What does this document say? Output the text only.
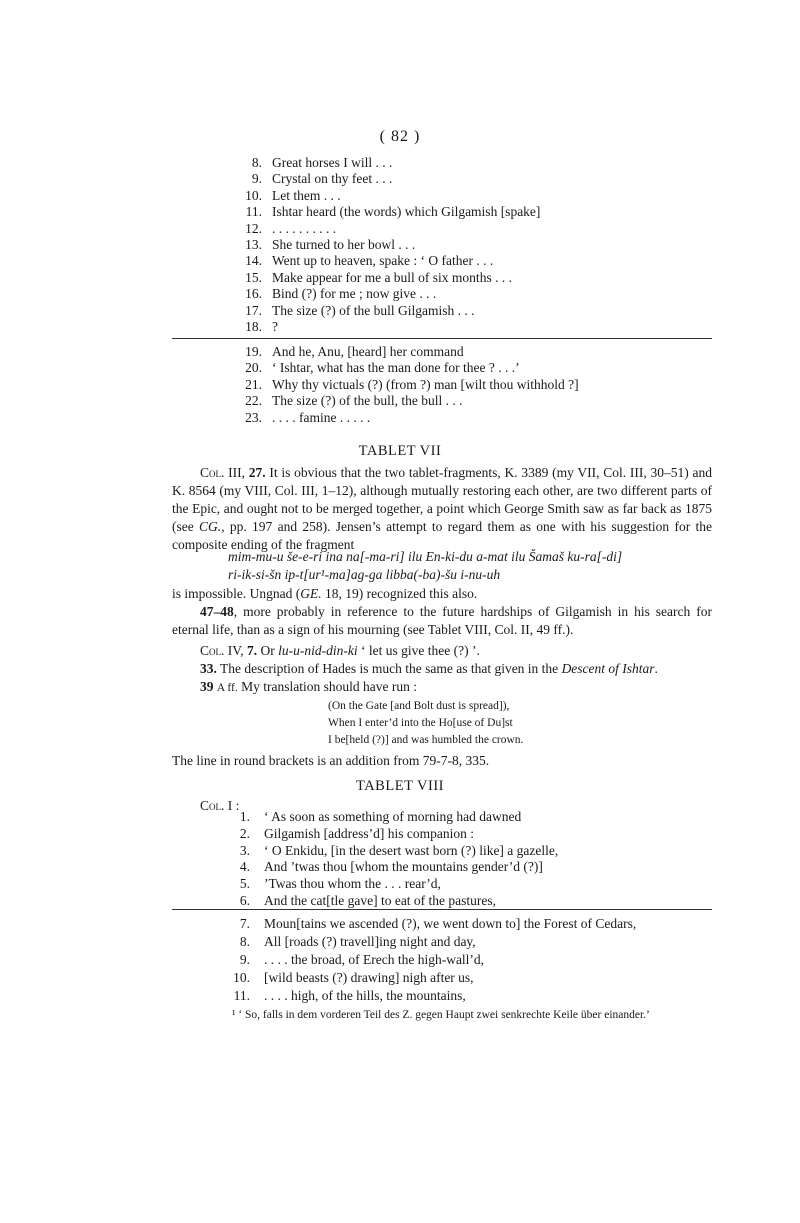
( 82 )
8. Great horses I will . . .
9. Crystal on thy feet . . .
10. Let them . . .
11. Ishtar heard (the words) which Gilgamish [spake]
12. . . . . . . . . . .
13. She turned to her bowl . . .
14. Went up to heaven, spake : ‘ O father . . .
15. Make appear for me a bull of six months . . .
16. Bind (?) for me ; now give . . .
17. The size (?) of the bull Gilgamish . . .
18. ?
19. And he, Anu, [heard] her command
20. ‘ Ishtar, what has the man done for thee ? . . .’
21. Why thy victuals (?) (from ?) man [wilt thou withhold ?]
22. The size (?) of the bull, the bull . . .
23. . . . . famine . . . . .
TABLET VII
Col. III, 27. It is obvious that the two tablet-fragments, K. 3389 (my VII, Col. III, 30–51) and K. 8564 (my VIII, Col. III, 1–12), although mutually restoring each other, are two different parts of the Epic, and ought not to be merged together, a point which George Smith saw as far back as 1875 (see CG., pp. 197 and 258). Jensen’s attempt to regard them as one with his suggestion for the composite ending of the fragment
mim-mu-u še-e-ri ina na[-ma-ri] ilu En-ki-du a-mat ilu Šamaš ku-ra[-di]
ri-ik-si-šn ip-t[ur¹-ma]ag-ga libba(-ba)-šu i-nu-uh
is impossible. Ungnad (GE. 18, 19) recognized this also.
47–48, more probably in reference to the future hardships of Gilgamish in his search for eternal life, than as a sign of his mourning (see Tablet VIII, Col. II, 49 ff.).
Col. IV, 7. Or lu-u-nid-din-ki ‘ let us give thee (?) ’.
33. The description of Hades is much the same as that given in the Descent of Ishtar.
39 A ff. My translation should have run :
(On the Gate [and Bolt dust is spread]),
When I enter’d into the Ho[use of Du]st
I be[held (?)] and was humbled the crown.
The line in round brackets is an addition from 79-7-8, 335.
TABLET VIII
Col. I :
1. ‘ As soon as something of morning had dawned
2. Gilgamish [address’d] his companion :
3. ‘ O Enkidu, [in the desert wast born (?) like] a gazelle,
4. And ’twas thou [whom the mountains gender’d (?)]
5. ’Twas thou whom the . . . rear’d,
6. And the cat[tle gave] to eat of the pastures,
7. Moun[tains we ascended (?), we went down to] the Forest of Cedars,
8. All [roads (?) travell]ing night and day,
9. . . . . the broad, of Erech the high-wall’d,
10. [wild beasts (?) drawing] nigh after us,
11. . . . . high, of the hills, the mountains,
¹ ‘ So, falls in dem vorderen Teil des Z. gegen Haupt zwei senkrechte Keile über einander.’
